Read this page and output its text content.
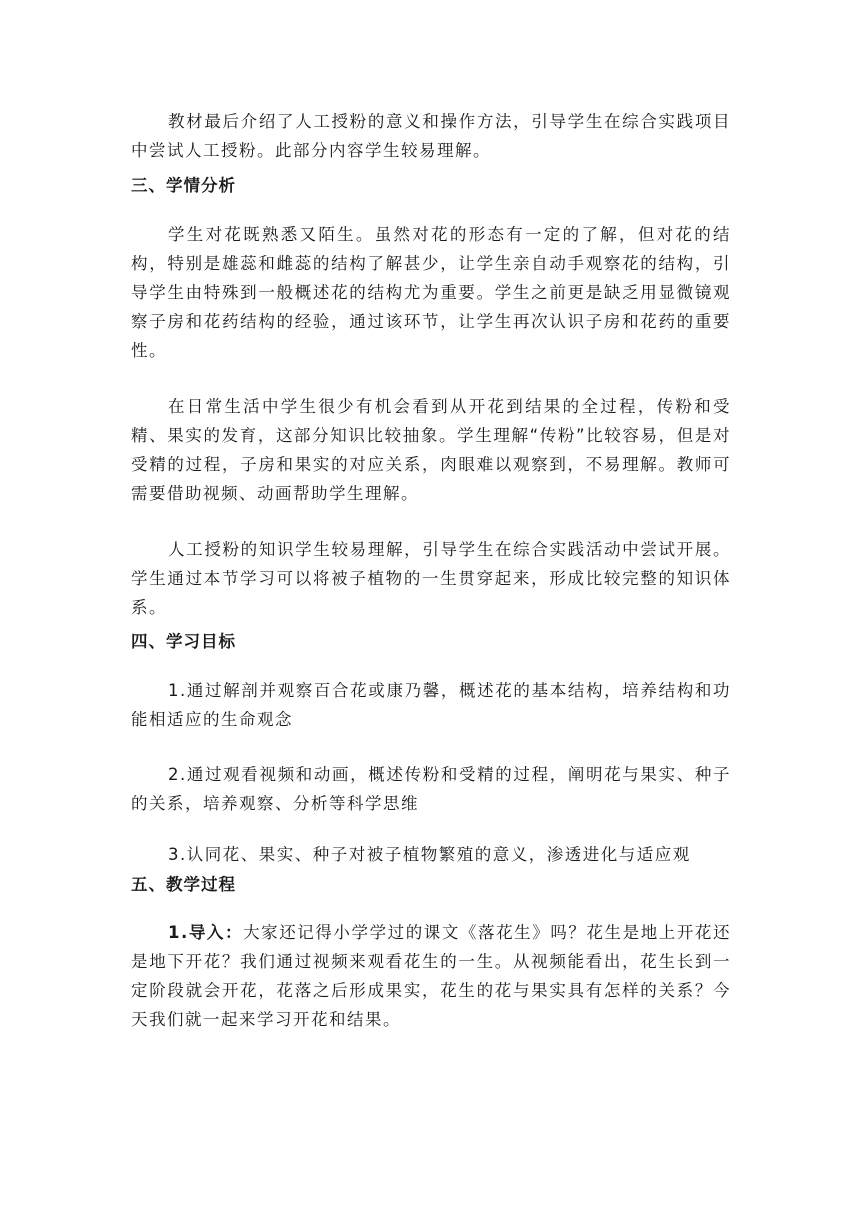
教材最后介绍了人工授粉的意义和操作方法，引导学生在综合实践项目中尝试人工授粉。此部分内容学生较易理解。

三、学情分析

学生对花既熟悉又陌生。虽然对花的形态有一定的了解，但对花的结构，特别是雄蕊和雌蕊的结构了解甚少，让学生亲自动手观察花的结构，引导学生由特殊到一般概述花的结构尤为重要。学生之前更是缺乏用显微镜观察子房和花药结构的经验，通过该环节，让学生再次认识子房和花药的重要性。

在日常生活中学生很少有机会看到从开花到结果的全过程，传粉和受精、果实的发育，这部分知识比较抽象。学生理解“传粉”比较容易，但是对受精的过程，子房和果实的对应关系，肉眼难以观察到，不易理解。教师可需要借助视频、动画帮助学生理解。

人工授粉的知识学生较易理解，引导学生在综合实践活动中尝试开展。学生通过本节学习可以将被子植物的一生贯穿起来，形成比较完整的知识体系。

四、学习目标

1.通过解剖并观察百合花或康乃馨，概述花的基本结构，培养结构和功能相适应的生命观念

2.通过观看视频和动画，概述传粉和受精的过程，阐明花与果实、种子的关系，培养观察、分析等科学思维

3.认同花、果实、种子对被子植物繁殖的意义，渗透进化与适应观

五、教学过程

1.导入：大家还记得小学学过的课文《落花生》吗？花生是地上开花还是地下开花？我们通过视频来观看花生的一生。从视频能看出，花生长到一定阶段就会开花，花落之后形成果实，花生的花与果实具有怎样的关系？今天我们就一起来学习开花和结果。
